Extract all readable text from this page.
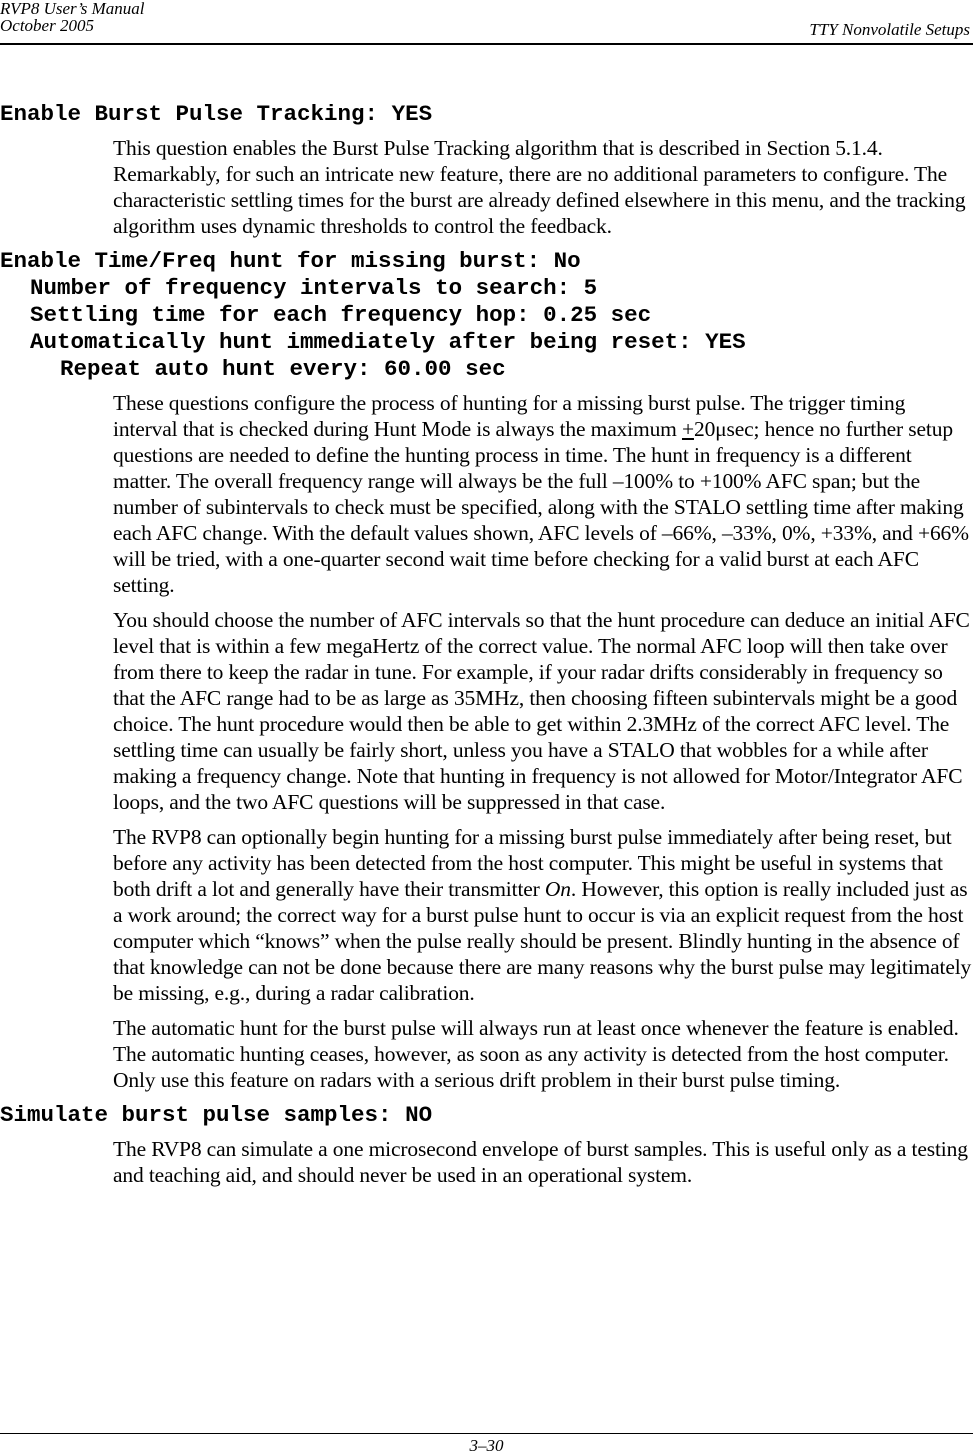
RVP8 User’s Manual
October 2005	TTY Nonvolatile Setups
Enable Burst Pulse Tracking: YES

This question enables the Burst Pulse Tracking algorithm that is described in Section 5.1.4. Remarkably, for such an intricate new feature, there are no additional parameters to configure. The characteristic settling times for the burst are already defined elsewhere in this menu, and the tracking algorithm uses dynamic thresholds to control the feedback.

Enable Time/Freq hunt for missing burst: No
Number of frequency intervals to search: 5
Settling time for each frequency hop: 0.25 sec
Automatically hunt immediately after being reset: YES
Repeat auto hunt every: 60.00 sec

These questions configure the process of hunting for a missing burst pulse. The trigger timing interval that is checked during Hunt Mode is always the maximum +20μsec; hence no further setup questions are needed to define the hunting process in time. The hunt in frequency is a different matter. The overall frequency range will always be the full –100% to +100% AFC span; but the number of subintervals to check must be specified, along with the STALO settling time after making each AFC change. With the default values shown, AFC levels of –66%, –33%, 0%, +33%, and +66% will be tried, with a one-quarter second wait time before checking for a valid burst at each AFC setting.

You should choose the number of AFC intervals so that the hunt procedure can deduce an initial AFC level that is within a few megaHertz of the correct value. The normal AFC loop will then take over from there to keep the radar in tune. For example, if your radar drifts considerably in frequency so that the AFC range had to be as large as 35MHz, then choosing fifteen subintervals might be a good choice. The hunt procedure would then be able to get within 2.3MHz of the correct AFC level. The settling time can usually be fairly short, unless you have a STALO that wobbles for a while after making a frequency change. Note that hunting in frequency is not allowed for Motor/Integrator AFC loops, and the two AFC questions will be suppressed in that case.

The RVP8 can optionally begin hunting for a missing burst pulse immediately after being reset, but before any activity has been detected from the host computer. This might be useful in systems that both drift a lot and generally have their transmitter On. However, this option is really included just as a work around; the correct way for a burst pulse hunt to occur is via an explicit request from the host computer which “knows” when the pulse really should be present. Blindly hunting in the absence of that knowledge can not be done because there are many reasons why the burst pulse may legitimately be missing, e.g., during a radar calibration.

The automatic hunt for the burst pulse will always run at least once whenever the feature is enabled. The automatic hunting ceases, however, as soon as any activity is detected from the host computer. Only use this feature on radars with a serious drift problem in their burst pulse timing.

Simulate burst pulse samples: NO

The RVP8 can simulate a one microsecond envelope of burst samples. This is useful only as a testing and teaching aid, and should never be used in an operational system.

3–30
